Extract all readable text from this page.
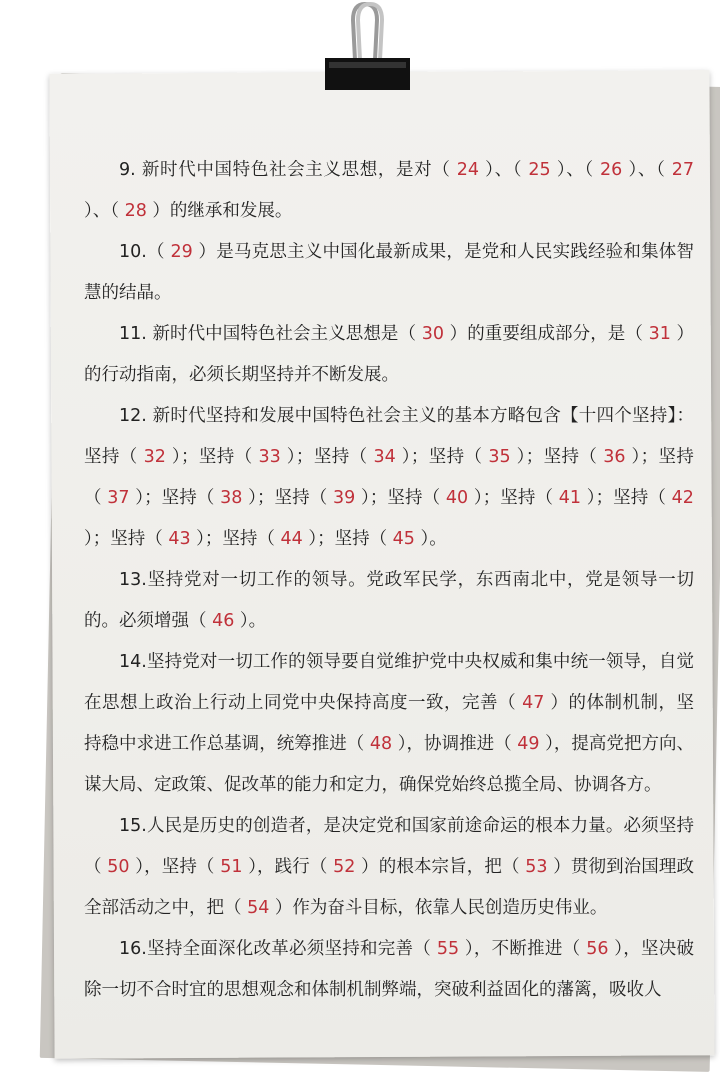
9. 新时代中国特色社会主义思想，是对（ 24 ）、（ 25 ）、（ 26 ）、（ 27 ）、（ 28 ）的继承和发展。

10.（ 29 ）是马克思主义中国化最新成果，是党和人民实践经验和集体智慧的结晶。

11. 新时代中国特色社会主义思想是（ 30 ）的重要组成部分，是（ 31 ）的行动指南，必须长期坚持并不断发展。

12. 新时代坚持和发展中国特色社会主义的基本方略包含【十四个坚持】：坚持（ 32 ）；坚持（ 33 ）；坚持（ 34 ）；坚持（ 35 ）；坚持（ 36 ）；坚持（ 37 ）；坚持（ 38 ）；坚持（ 39 ）；坚持（ 40 ）；坚持（ 41 ）；坚持（ 42 ）；坚持（ 43 ）；坚持（ 44 ）；坚持（ 45 ）。

13.坚持党对一切工作的领导。党政军民学，东西南北中，党是领导一切的。必须增强（ 46 ）。

14.坚持党对一切工作的领导要自觉维护党中央权威和集中统一领导，自觉在思想上政治上行动上同党中央保持高度一致，完善（ 47 ）的体制机制，坚持稳中求进工作总基调，统筹推进（ 48 ），协调推进（ 49 ），提高党把方向、谋大局、定政策、促改革的能力和定力，确保党始终总揽全局、协调各方。

15.人民是历史的创造者，是决定党和国家前途命运的根本力量。必须坚持（ 50 ），坚持（ 51 ），践行（ 52 ）的根本宗旨，把（ 53 ）贯彻到治国理政全部活动之中，把（ 54 ）作为奋斗目标，依靠人民创造历史伟业。

16.坚持全面深化改革必须坚持和完善（ 55 ），不断推进（ 56 ），坚决破除一切不合时宜的思想观念和体制机制弊端，突破利益固化的藩篱，吸收人
